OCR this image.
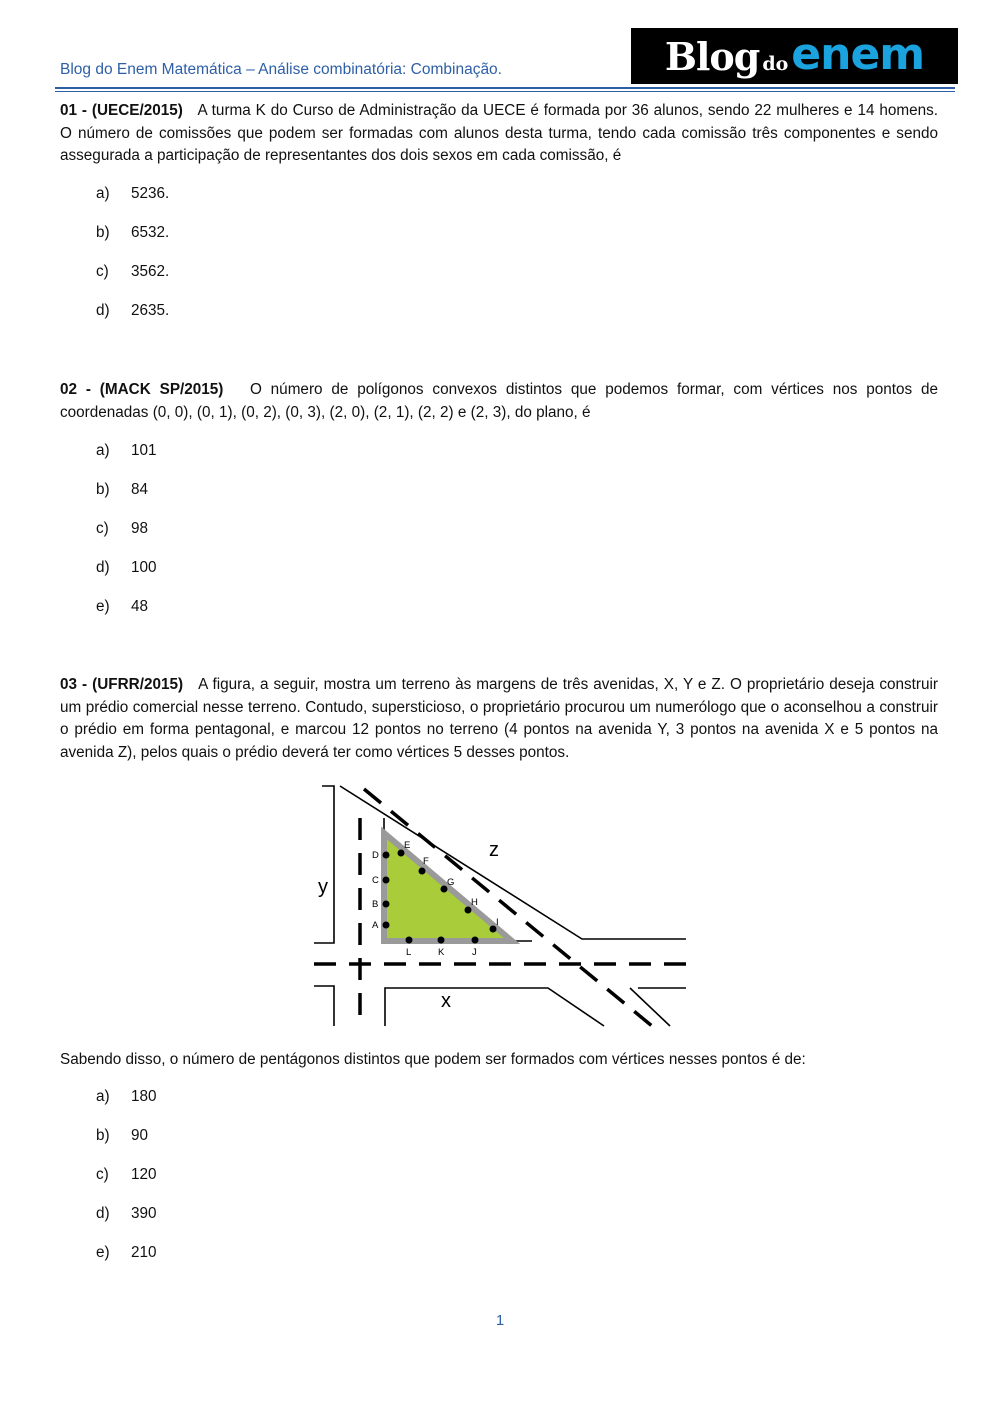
Blog do Enem Matemática – Análise combinatória: Combinação.	Blog do enem
01 - (UECE/2015) A turma K do Curso de Administração da UECE é formada por 36 alunos, sendo 22 mulheres e 14 homens. O número de comissões que podem ser formadas com alunos desta turma, tendo cada comissão três componentes e sendo assegurada a participação de representantes dos dois sexos em cada comissão, é
a)	5236.
b)	6532.
c)	3562.
d)	2635.
02 - (MACK SP/2015) O número de polígonos convexos distintos que podemos formar, com vértices nos pontos de coordenadas (0, 0), (0, 1), (0, 2), (0, 3), (2, 0), (2, 1), (2, 2) e (2, 3), do plano, é
a)	101
b)	84
c)	98
d)	100
e)	48
03 - (UFRR/2015) A figura, a seguir, mostra um terreno às margens de três avenidas, X, Y e Z. O proprietário deseja construir um prédio comercial nesse terreno. Contudo, supersticioso, o proprietário procurou um numerólogo que o aconselhou a construir o prédio em forma pentagonal, e marcou 12 pontos no terreno (4 pontos na avenida Y, 3 pontos na avenida X e 5 pontos na avenida Z), pelos quais o prédio deverá ter como vértices 5 desses pontos.
A
B
C
D
E
F
G
H
I
J
K
L
y
x
z
Sabendo disso, o número de pentágonos distintos que podem ser formados com vértices nesses pontos é de:
a)	180
b)	90
c)	120
d)	390
e)	210
1
